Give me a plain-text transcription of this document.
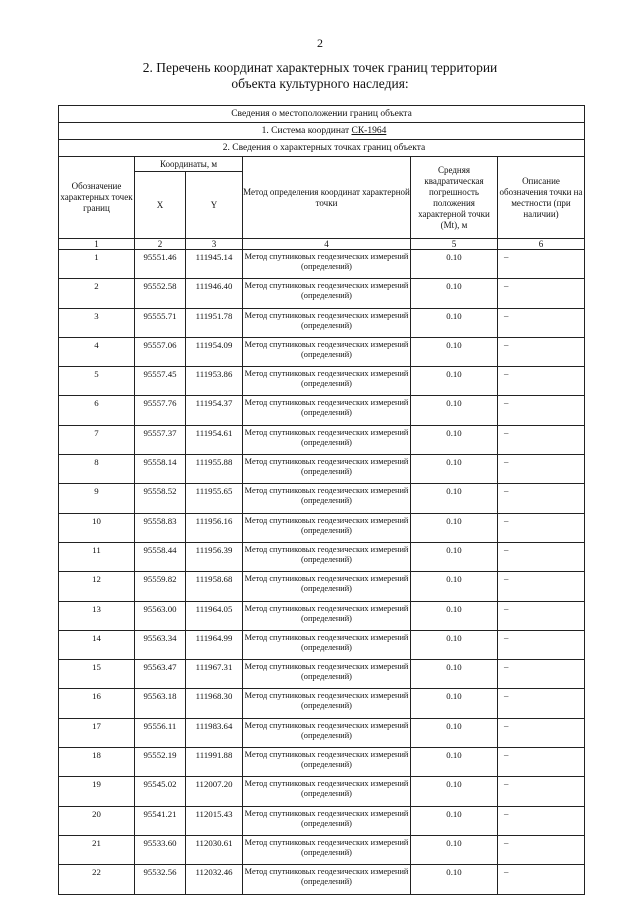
2
2. Перечень координат характерных точек границ территории
объекта культурного наследия:
Сведения о местоположении границ объекта					
1. Система координат СК-1964					
2. Сведения о характерных точках границ объекта					
Обозначение характерных точек границ	Координаты, м		Метод определения координат характерной точки	Средняя квадратическая погрешность положения характерной точки (Mt), м	Описание обозначения точки на местности (при наличии)
	X	Y			
1	2	3	4	5	6
1	95551.46	111945.14	Метод спутниковых геодезических измерений (определений)	0.10	–
2	95552.58	111946.40	Метод спутниковых геодезических измерений (определений)	0.10	–
3	95555.71	111951.78	Метод спутниковых геодезических измерений (определений)	0.10	–
4	95557.06	111954.09	Метод спутниковых геодезических измерений (определений)	0.10	–
5	95557.45	111953.86	Метод спутниковых геодезических измерений (определений)	0.10	–
6	95557.76	111954.37	Метод спутниковых геодезических измерений (определений)	0.10	–
7	95557.37	111954.61	Метод спутниковых геодезических измерений (определений)	0.10	–
8	95558.14	111955.88	Метод спутниковых геодезических измерений (определений)	0.10	–
9	95558.52	111955.65	Метод спутниковых геодезических измерений (определений)	0.10	–
10	95558.83	111956.16	Метод спутниковых геодезических измерений (определений)	0.10	–
11	95558.44	111956.39	Метод спутниковых геодезических измерений (определений)	0.10	–
12	95559.82	111958.68	Метод спутниковых геодезических измерений (определений)	0.10	–
13	95563.00	111964.05	Метод спутниковых геодезических измерений (определений)	0.10	–
14	95563.34	111964.99	Метод спутниковых геодезических измерений (определений)	0.10	–
15	95563.47	111967.31	Метод спутниковых геодезических измерений (определений)	0.10	–
16	95563.18	111968.30	Метод спутниковых геодезических измерений (определений)	0.10	–
17	95556.11	111983.64	Метод спутниковых геодезических измерений (определений)	0.10	–
18	95552.19	111991.88	Метод спутниковых геодезических измерений (определений)	0.10	–
19	95545.02	112007.20	Метод спутниковых геодезических измерений (определений)	0.10	–
20	95541.21	112015.43	Метод спутниковых геодезических измерений (определений)	0.10	–
21	95533.60	112030.61	Метод спутниковых геодезических измерений (определений)	0.10	–
22	95532.56	112032.46	Метод спутниковых геодезических измерений (определений)	0.10	–
